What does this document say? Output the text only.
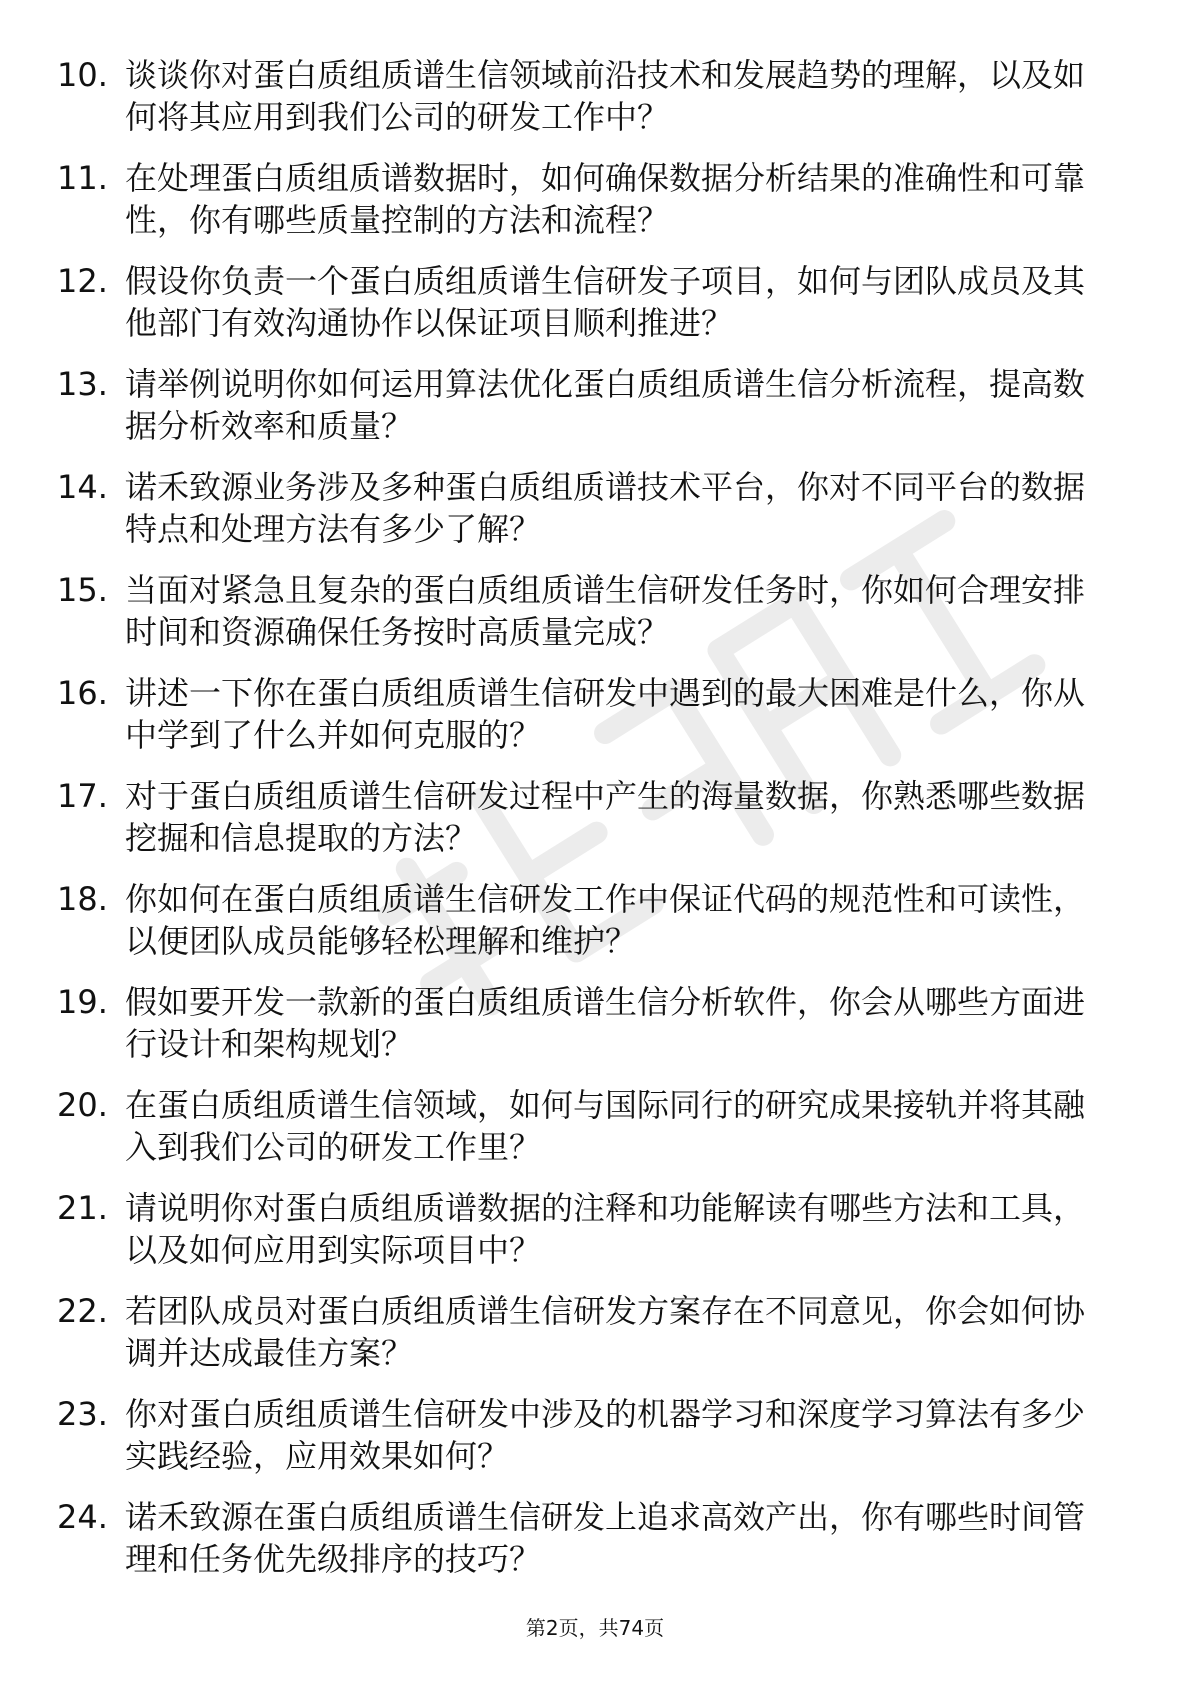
10. 谈谈你对蛋白质组质谱生信领域前沿技术和发展趋势的理解，以及如何将其应用到我们公司的研发工作中？
11. 在处理蛋白质组质谱数据时，如何确保数据分析结果的准确性和可靠性，你有哪些质量控制的方法和流程？
12. 假设你负责一个蛋白质组质谱生信研发子项目，如何与团队成员及其他部门有效沟通协作以保证项目顺利推进？
13. 请举例说明你如何运用算法优化蛋白质组质谱生信分析流程，提高数据分析效率和质量？
14. 诺禾致源业务涉及多种蛋白质组质谱技术平台，你对不同平台的数据特点和处理方法有多少了解？
15. 当面对紧急且复杂的蛋白质组质谱生信研发任务时，你如何合理安排时间和资源确保任务按时高质量完成？
16. 讲述一下你在蛋白质组质谱生信研发中遇到的最大困难是什么，你从中学到了什么并如何克服的？
17. 对于蛋白质组质谱生信研发过程中产生的海量数据，你熟悉哪些数据挖掘和信息提取的方法？
18. 你如何在蛋白质组质谱生信研发工作中保证代码的规范性和可读性，以便团队成员能够轻松理解和维护？
19. 假如要开发一款新的蛋白质组质谱生信分析软件，你会从哪些方面进行设计和架构规划？
20. 在蛋白质组质谱生信领域，如何与国际同行的研究成果接轨并将其融入到我们公司的研发工作里？
21. 请说明你对蛋白质组质谱数据的注释和功能解读有哪些方法和工具，以及如何应用到实际项目中？
22. 若团队成员对蛋白质组质谱生信研发方案存在不同意见，你会如何协调并达成最佳方案？
23. 你对蛋白质组质谱生信研发中涉及的机器学习和深度学习算法有多少实践经验，应用效果如何？
24. 诺禾致源在蛋白质组质谱生信研发上追求高效产出，你有哪些时间管理和任务优先级排序的技巧？
第2页，共74页
